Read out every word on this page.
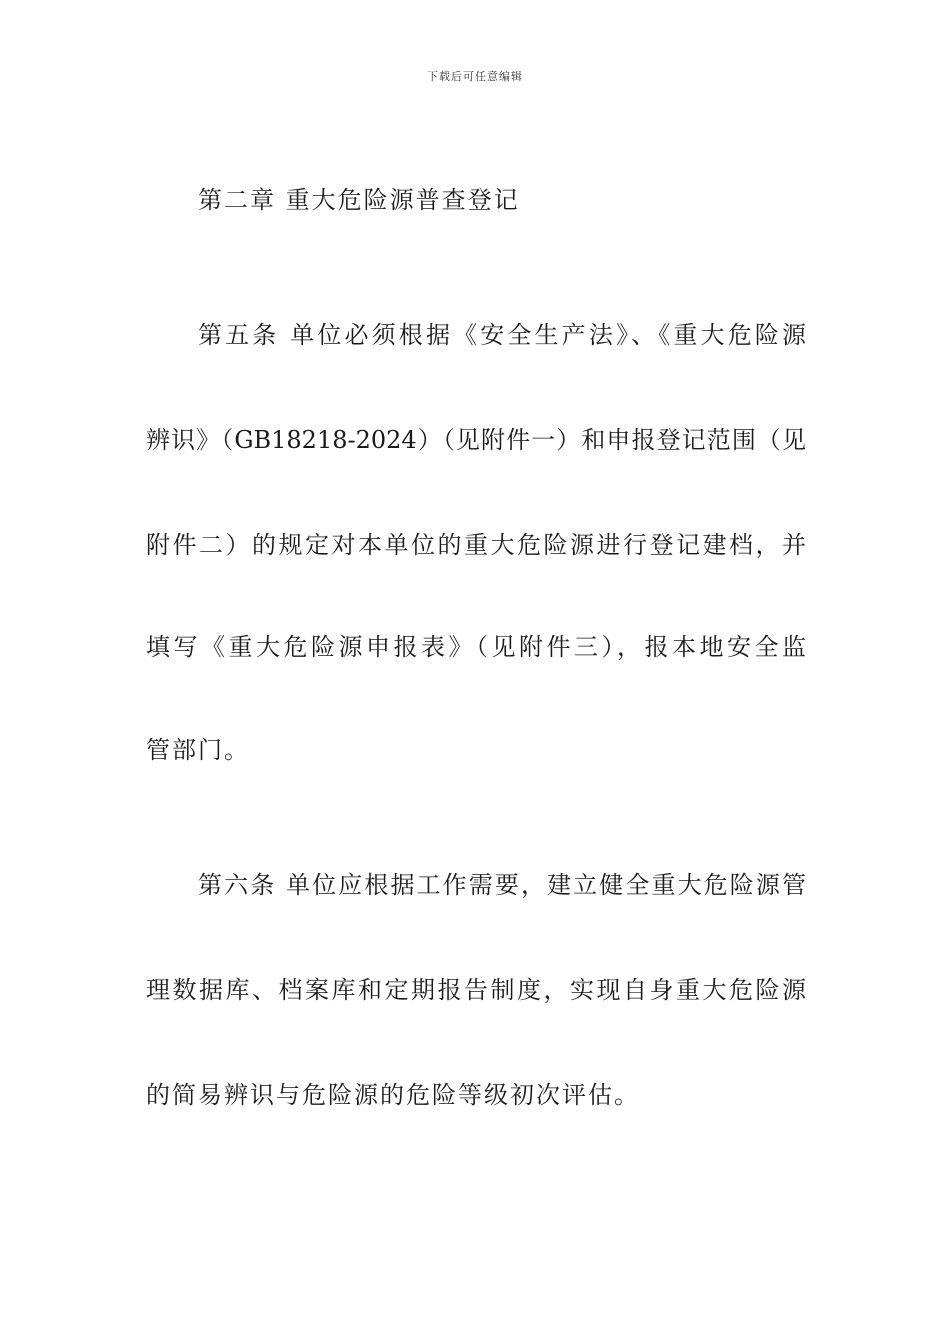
下载后可任意编辑
第二章 重大危险源普查登记
第五条 单位必须根据《安全生产法》、《重大危险源
辨识》（GB18218-2024）（见附件一）和申报登记范围（见
附件二）的规定对本单位的重大危险源进行登记建档，并
填写《重大危险源申报表》（见附件三），报本地安全监
管部门。
第六条 单位应根据工作需要，建立健全重大危险源管
理数据库、档案库和定期报告制度，实现自身重大危险源
的简易辨识与危险源的危险等级初次评估。
